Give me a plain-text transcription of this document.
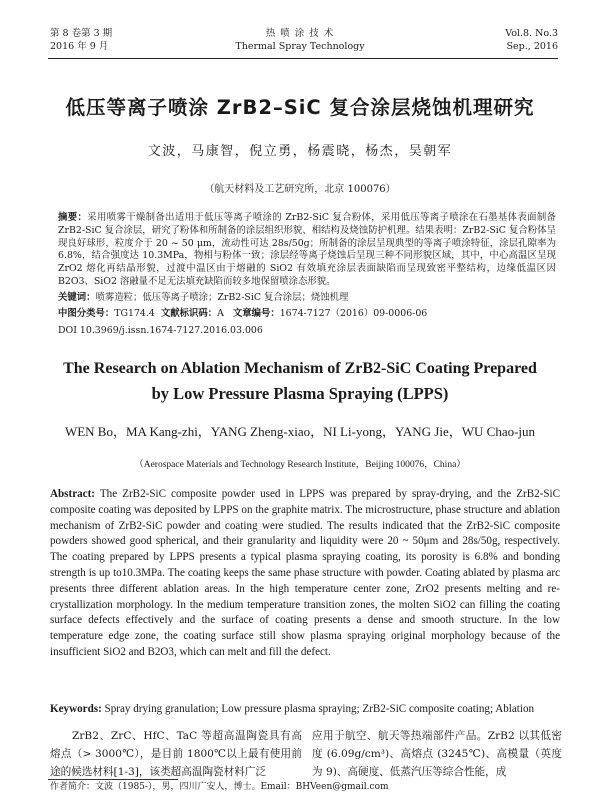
第 8 卷第 3 期
2016 年 9 月
热 喷 涂 技 术
Thermal Spray Technology
Vol.8. No.3
Sep., 2016
低压等离子喷涂 ZrB2–SiC 复合涂层烧蚀机理研究
文波，马康智，倪立勇，杨震晓，杨杰，吴朝军
（航天材料及工艺研究所，北京 100076）
摘要：采用喷雾干燥制备出适用于低压等离子喷涂的 ZrB2-SiC 复合粉体，采用低压等离子喷涂在石墨基体表面制备 ZrB2-SiC 复合涂层，研究了粉体和所制备的涂层组织形貌、相结构及烧蚀防护机理。结果表明：ZrB2-SiC 复合粉体呈现良好球形，粒度介于 20 ~ 50 μm，流动性可达 28s/50g；所制备的涂层呈现典型的等离子喷涂特征，涂层孔隙率为 6.8%，结合强度达 10.3MPa，物相与粉体一致；涂层经等离子烧蚀后呈现三种不同形貌区域，其中，中心高温区呈现 ZrO2 熔化再结晶形貌，过渡中温区由于熔融的 SiO2 有效填充涂层表面缺陷而呈现致密平整结构，边缘低温区因 B2O3、SiO2 溶融量不足无法填充缺陷而较多地保留喷涂态形貌。
关键词：喷雾造粒；低压等离子喷涂；ZrB2-SiC 复合涂层；烧蚀机理
中图分类号：TG174.4 文献标识码：A 文章编号：1674-7127（2016）09-0006-06
DOI 10.3969/j.issn.1674-7127.2016.03.006
The Research on Ablation Mechanism of ZrB2-SiC Coating Prepared
by Low Pressure Plasma Spraying (LPPS)
WEN Bo，MA Kang-zhi，YANG Zheng-xiao，NI Li-yong，YANG Jie，WU Chao-jun
（Aerospace Materials and Technology Research Institute，Beijing 100076，China）
Abstract: The ZrB2-SiC composite powder used in LPPS was prepared by spray-drying, and the ZrB2-SiC composite coating was deposited by LPPS on the graphite matrix. The microstructure, phase structure and ablation mechanism of ZrB2-SiC powder and coating were studied. The results indicated that the ZrB2-SiC composite powders showed good spherical, and their granularity and liquidity were 20 ~ 50μm and 28s/50g, respectively. The coating prepared by LPPS presents a typical plasma spraying coating, its porosity is 6.8% and bonding strength is up to10.3MPa. The coating keeps the same phase structure with powder. Coating ablated by plasma arc presents three different ablation areas. In the high temperature center zone, ZrO2 presents melting and re-crystallization morphology. In the medium temperature transition zones, the molten SiO2 can filling the coating surface defects effectively and the surface of coating presents a dense and smooth structure. In the low temperature edge zone, the coating surface still show plasma spraying original morphology because of the insufficient SiO2 and B2O3, which can melt and fill the defect.
Keywords: Spray drying granulation; Low pressure plasma spraying; ZrB2-SiC composite coating; Ablation
ZrB2、ZrC、HfC、TaC 等超高温陶瓷具有高熔点（> 3000℃），是目前 1800℃以上最有使用前途的候选材料[1-3]，该类超高温陶瓷材料广泛
应用于航空、航天等热端部件产品。ZrB2 以其低密度 (6.09g/cm³)、高熔点 (3245℃)、高模量（英度为 9)、高硬度、低蒸汽压等综合性能，成
作者简介：文波（1985-），男，四川广安人，博士。Email：BHVeen@gmail.com
